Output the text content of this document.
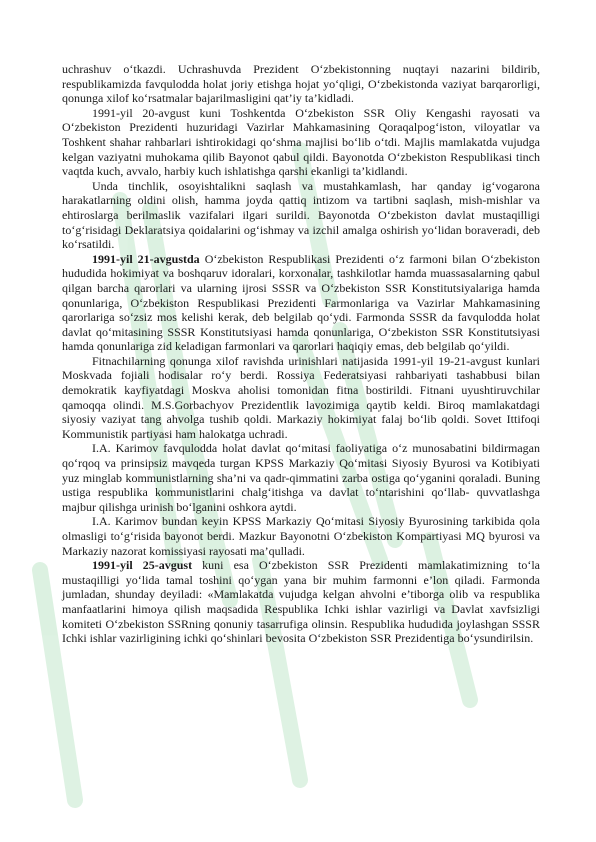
uchrashuv o‘tkazdi. Uchrashuvda Prezident O‘zbekistonning nuqtayi nazarini bildirib, respublikamizda favqulodda holat joriy etishga hojat yo‘qligi, O‘zbekistonda vaziyat barqarorligi, qonunga xilof ko‘rsatmalar bajarilmasligini qat’iy ta’kidladi.

1991-yil 20-avgust kuni Toshkentda O‘zbekiston SSR Oliy Kengashi rayosati va O‘zbekiston Prezidenti huzuridagi Vazirlar Mahkamasining Qoraqalpog‘iston, viloyatlar va Toshkent shahar rahbarlari ishtirokidagi qo‘shma majlisi bo‘lib o‘tdi. Majlis mamlakatda vujudga kelgan vaziyatni muhokama qilib Bayonot qabul qildi. Bayonotda O‘zbekiston Respublikasi tinch vaqtda kuch, avvalo, harbiy kuch ishlatishga qarshi ekanligi ta’kidlandi.

Unda tinchlik, osoyishtalikni saqlash va mustahkamlash, har qanday ig‘vogarona harakatlarning oldini olish, hamma joyda qattiq intizom va tartibni saqlash, mish-mishlar va ehtiroslarga berilmaslik vazifalari ilgari surildi. Bayonotda O‘zbekiston davlat mustaqilligi to‘g‘risidagi Deklaratsiya qoidalarini og‘ishmay va izchil amalga oshirish yo‘lidan boraveradi, deb ko‘rsatildi.

1991-yil 21-avgustda O‘zbekiston Respublikasi Prezidenti o‘z farmoni bilan O‘zbekiston hududida hokimiyat va boshqaruv idoralari, korxonalar, tashkilotlar hamda muassasalarning qabul qilgan barcha qarorlari va ularning ijrosi SSSR va O‘zbekiston SSR Konstitutsiyalariga hamda qonunlariga, O‘zbekiston Respublikasi Prezidenti Farmonlariga va Vazirlar Mahkamasining qarorlariga so‘zsiz mos kelishi kerak, deb belgilab qo‘ydi. Farmonda SSSR da favqulodda holat davlat qo‘mitasining SSSR Konstitutsiyasi hamda qonunlariga, O‘zbekiston SSR Konstitutsiyasi hamda qonunlariga zid keladigan farmonlari va qarorlari haqiqiy emas, deb belgilab qo‘yildi.

Fitnachilarning qonunga xilof ravishda urinishlari natijasida 1991-yil 19-21-avgust kunlari Moskvada fojiali hodisalar ro‘y berdi. Rossiya Federatsiyasi rahbariyati tashabbusi bilan demokratik kayfiyatdagi Moskva aholisi tomonidan fitna bostirildi. Fitnani uyushtiruvchilar qamoqqa olindi. M.S.Gorbachyov Prezidentlik lavozimiga qaytib keldi. Biroq mamlakatdagi siyosiy vaziyat tang ahvolga tushib qoldi. Markaziy hokimiyat falaj bo‘lib qoldi. Sovet Ittifoqi Kommunistik partiyasi ham halokatga uchradi.

I.A. Karimov favqulodda holat davlat qo‘mitasi faoliyatiga o‘z munosabatini bildirmagan qo‘rqoq va prinsipsiz mavqeda turgan KPSS Markaziy Qo‘mitasi Siyosiy Byurosi va Kotibiyati yuz minglab kommunistlarning sha’ni va qadr-qimmatini zarba ostiga qo‘yganini qoraladi. Buning ustiga respublika kommunistlarini chalg‘itishga va davlat to‘ntarishini qo‘llab- quvvatlashga majbur qilishga urinish bo‘lganini oshkora aytdi.

I.A. Karimov bundan keyin KPSS Markaziy Qo‘mitasi Siyosiy Byurosining tarkibida qola olmasligi to‘g‘risida bayonot berdi. Mazkur Bayonotni O‘zbekiston Kompartiyasi MQ byurosi va Markaziy nazorat komissiyasi rayosati ma’qulladi.

1991-yil 25-avgust kuni esa O‘zbekiston SSR Prezidenti mamlakatimizning to‘la mustaqilligi yo‘lida tamal toshini qo‘ygan yana bir muhim farmonni e’lon qiladi. Farmonda jumladan, shunday deyiladi: «Mamlakatda vujudga kelgan ahvolni e’tiborga olib va respublika manfaatlarini himoya qilish maqsadida Respublika Ichki ishlar vazirligi va Davlat xavfsizligi komiteti O‘zbekiston SSRning qonuniy tasarrufiga olinsin. Respublika hududida joylashgan SSSR Ichki ishlar vazirligining ichki qo‘shinlari bevosita O‘zbekiston SSR Prezidentiga bo‘ysundirilsin.
